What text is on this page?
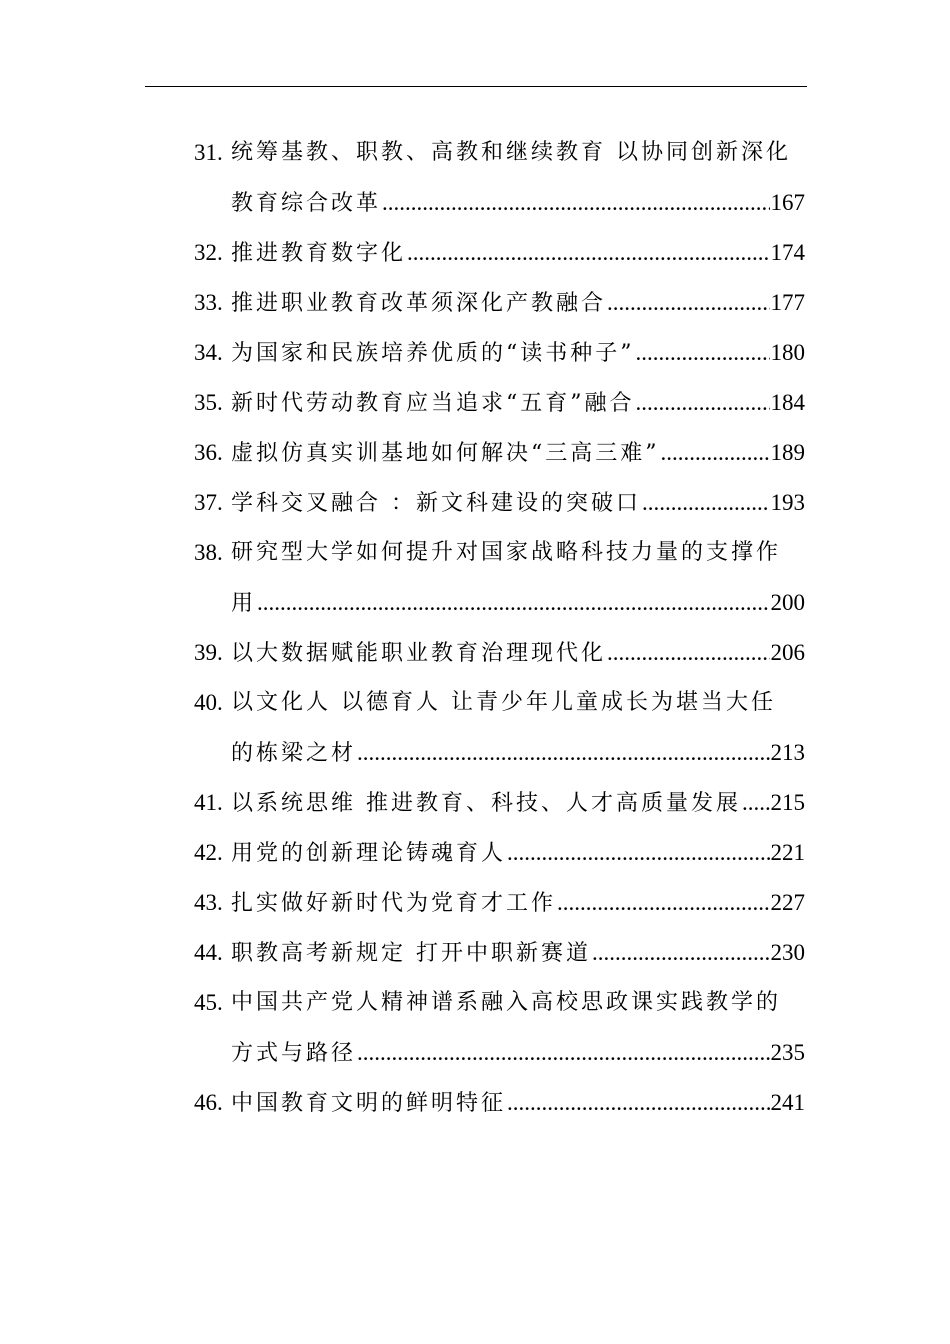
31. 统筹基教、职教、高教和继续教育 以协同创新深化
教育综合改革 .....	167
32. 推进教育数字化 .....	174
33. 推进职业教育改革须深化产教融合 .....	177
34. 为国家和民族培养优质的“读书种子” .....	180
35. 新时代劳动教育应当追求“五育”融合 .....	184
36. 虚拟仿真实训基地如何解决“三高三难” .....	189
37. 学科交叉融合 ：新文科建设的突破口 .....	193
38. 研究型大学如何提升对国家战略科技力量的支撑作
用 .....	200
39. 以大数据赋能职业教育治理现代化 .....	206
40. 以文化人 以德育人 让青少年儿童成长为堪当大任
的栋梁之材 .....	213
41. 以系统思维 推进教育、科技、人才高质量发展 ..... 215
42. 用党的创新理论铸魂育人 .....	221
43. 扎实做好新时代为党育才工作 .....	227
44. 职教高考新规定 打开中职新赛道 .....	230
45. 中国共产党人精神谱系融入高校思政课实践教学的
方式与路径 .....	235
46. 中国教育文明的鲜明特征 .....	241
